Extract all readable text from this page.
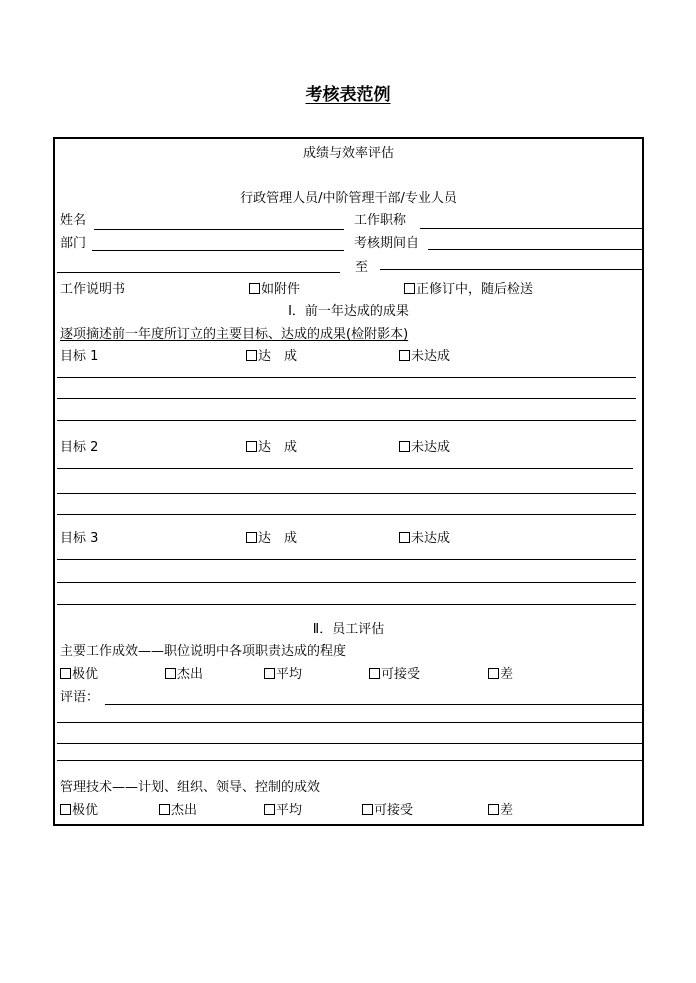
考核表范例
成绩与效率评估
行政管理人员/中阶管理干部/专业人员
姓名	工作职称
部门	考核期间自
至
工作说明书	如附件	正修订中，随后检送
Ⅰ．前一年达成的成果
逐项摘述前一年度所订立的主要目标、达成的成果(检附影本)
目标 1	达　成	未达成
目标 2	达　成	未达成
目标 3	达　成	未达成
Ⅱ．员工评估
主要工作成效——职位说明中各项职责达成的程度
极优	杰出	平均	可接受	差
评语：
管理技术——计划、组织、领导、控制的成效
极优	杰出	平均	可接受	差
